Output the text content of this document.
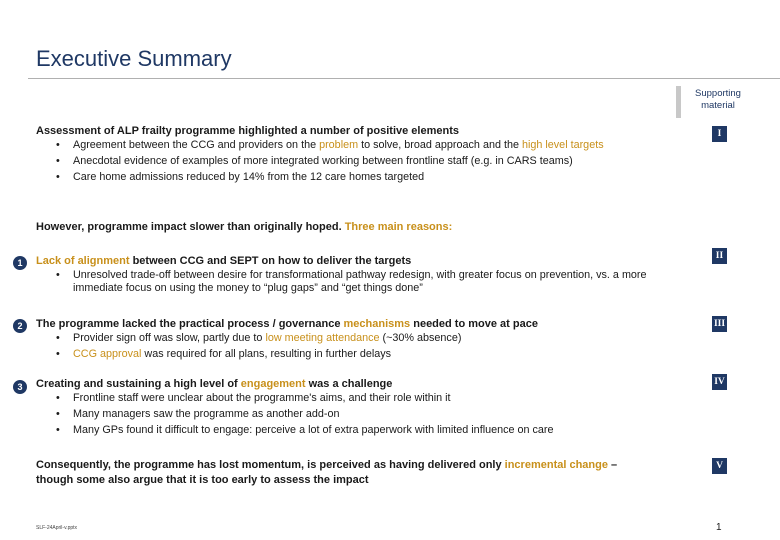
Executive Summary
Supporting
material
Assessment of ALP frailty programme highlighted a number of positive elements
• Agreement between the CCG and providers on the problem to solve, broad approach and the high level targets
• Anecdotal evidence of examples of more integrated working between frontline staff (e.g. in CARS teams)
• Care home admissions reduced by 14% from the 12 care homes targeted
I
However, programme impact slower than originally hoped. Three main reasons:
1	Lack of alignment between CCG and SEPT on how to deliver the targets
• Unresolved trade-off between desire for transformational pathway redesign, with greater focus on prevention, vs. a more immediate focus on using the money to “plug gaps” and “get things done”
II
2	The programme lacked the practical process / governance mechanisms needed to move at pace
• Provider sign off was slow, partly due to low meeting attendance (~30% absence)
• CCG approval was required for all plans, resulting in further delays
III
3	Creating and sustaining a high level of engagement was a challenge
• Frontline staff were unclear about the programme's aims, and their role within it
• Many managers saw the programme as another add-on
• Many GPs found it difficult to engage: perceive a lot of extra paperwork with limited influence on care
IV
Consequently, the programme has lost momentum, is perceived as having delivered only incremental change – though some also argue that it is too early to assess the impact
V
SLF-24April-v.pptx	1
